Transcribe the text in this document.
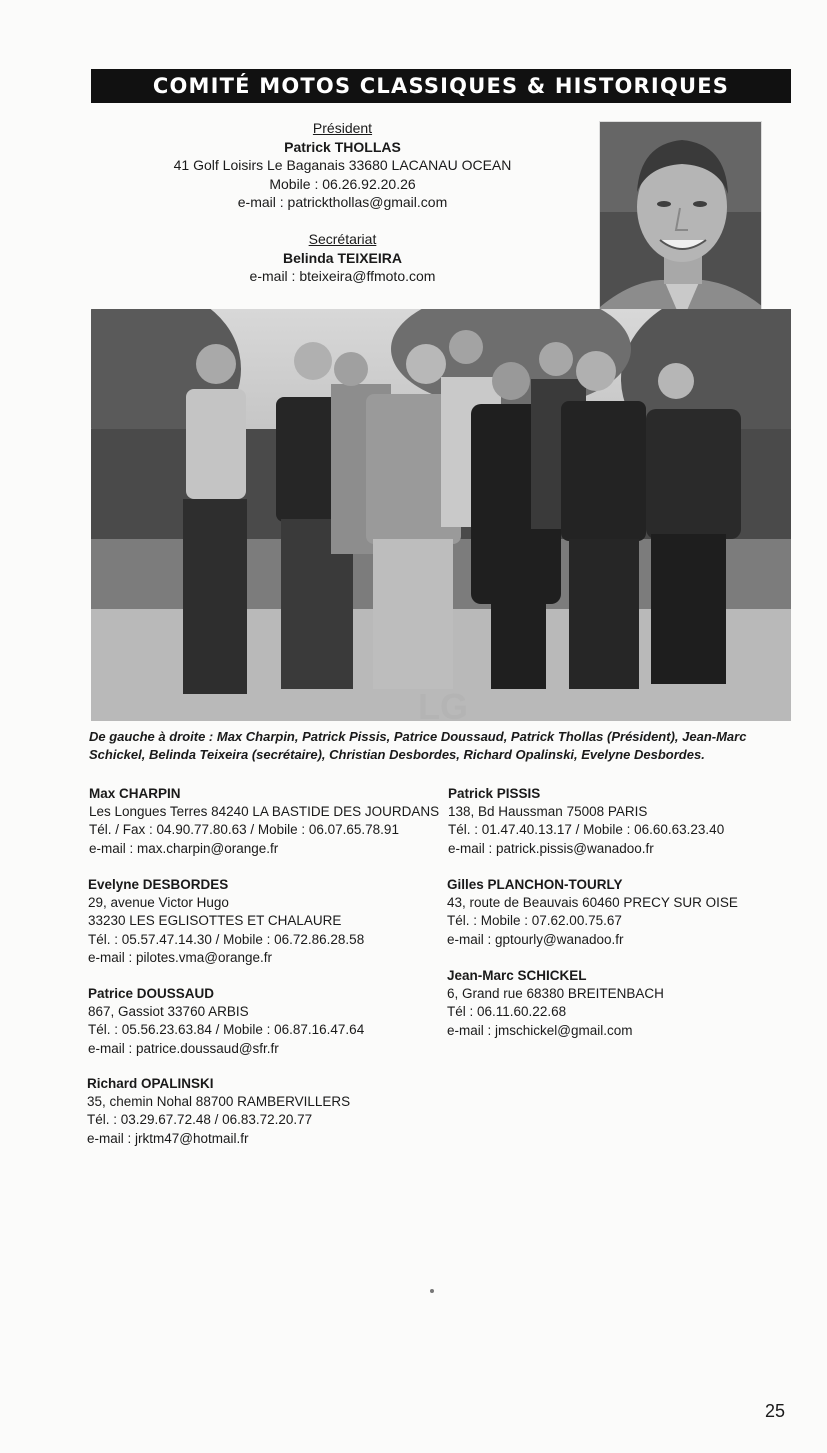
COMITÉ MOTOS CLASSIQUES & HISTORIQUES
Président
Patrick THOLLAS
41 Golf Loisirs Le Baganais 33680 LACANAU OCEAN
Mobile : 06.26.92.20.26
e-mail : patrickthollas@gmail.com
Secrétariat
Belinda TEIXEIRA
e-mail : bteixeira@ffmoto.com
De gauche à droite : Max Charpin, Patrick Pissis, Patrice Doussaud, Patrick Thollas (Président), Jean-Marc Schickel, Belinda Teixeira (secrétaire), Christian Desbordes, Richard Opalinski, Evelyne Desbordes.
Max CHARPIN
Les Longues Terres 84240 LA BASTIDE DES JOURDANS
Tél. / Fax : 04.90.77.80.63 / Mobile : 06.07.65.78.91
e-mail : max.charpin@orange.fr
Evelyne DESBORDES
29, avenue Victor Hugo
33230 LES EGLISOTTES ET CHALAURE
Tél. : 05.57.47.14.30 / Mobile : 06.72.86.28.58
e-mail : pilotes.vma@orange.fr
Patrice DOUSSAUD
867, Gassiot 33760 ARBIS
Tél. : 05.56.23.63.84 / Mobile : 06.87.16.47.64
e-mail : patrice.doussaud@sfr.fr
Richard OPALINSKI
35, chemin Nohal 88700 RAMBERVILLERS
Tél. : 03.29.67.72.48 / 06.83.72.20.77
e-mail : jrktm47@hotmail.fr
Patrick PISSIS
138, Bd Haussman 75008 PARIS
Tél. : 01.47.40.13.17 / Mobile : 06.60.63.23.40
e-mail : patrick.pissis@wanadoo.fr
Gilles PLANCHON-TOURLY
43, route de Beauvais 60460 PRECY SUR OISE
Tél. : Mobile : 07.62.00.75.67
e-mail : gptourly@wanadoo.fr
Jean-Marc SCHICKEL
6, Grand rue 68380 BREITENBACH
Tél : 06.11.60.22.68
e-mail : jmschickel@gmail.com
LG
25
